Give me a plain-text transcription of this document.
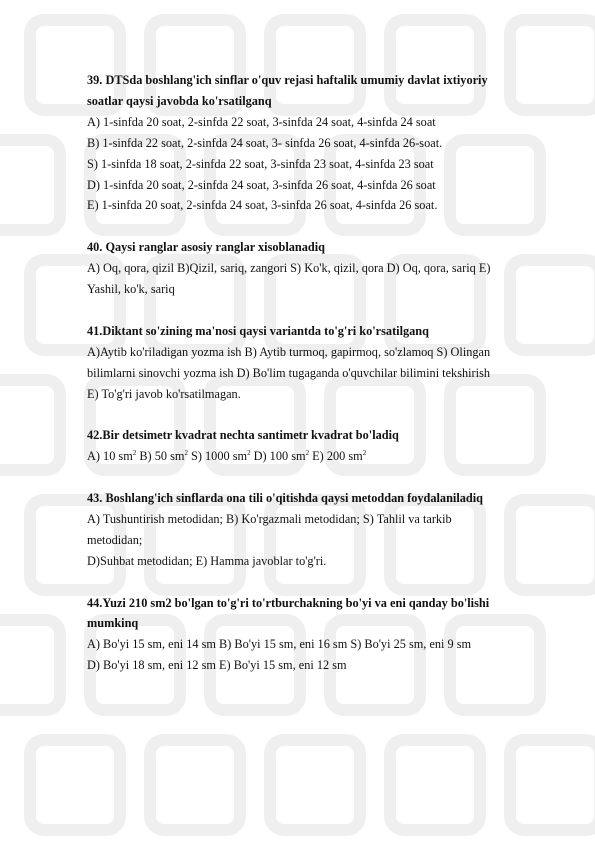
39. DTSda boshlang'ich sinflar o'quv rejasi haftalik umumiy davlat ixtiyoriy

soatlar qaysi javobda ko'rsatilganq

A) 1-sinfda 20 soat, 2-sinfda 22 soat, 3-sinfda 24 soat, 4-sinfda 24 soat

B) 1-sinfda 22 soat, 2-sinfda 24 soat, 3- sinfda 26 soat, 4-sinfda 26-soat.

S) 1-sinfda 18 soat, 2-sinfda 22 soat, 3-sinfda 23 soat, 4-sinfda 23 soat

D) 1-sinfda 20 soat, 2-sinfda 24 soat, 3-sinfda 26 soat, 4-sinfda 26 soat

E) 1-sinfda 20 soat, 2-sinfda 24 soat, 3-sinfda 26 soat, 4-sinfda 26 soat.

40. Qaysi ranglar asosiy ranglar xisoblanadiq

A) Oq, qora, qizil B)Qizil, sariq, zangori S) Ko'k, qizil, qora D) Oq, qora, sariq E)

Yashil, ko'k, sariq

41.Diktant so'zining ma'nosi qaysi variantda to'g'ri ko'rsatilganq

A)Aytib ko'riladigan yozma ish B) Aytib turmoq, gapirmoq, so'zlamoq S) Olingan

bilimlarni sinovchi yozma ish D) Bo'lim tugaganda o'quvchilar bilimini tekshirish

E) To'g'ri javob ko'rsatilmagan.

42.Bir detsimetr kvadrat nechta santimetr kvadrat bo'ladiq

A) 10 $sm^2$ B) 50 $sm^2$ S) 1000 $sm^2$ D) 100 $sm^2$ E) 200 $sm^2$

43. Boshlang'ich sinflarda ona tili o'qitishda qaysi metoddan foydalaniladiq

A) Tushuntirish metodidan; B) Ko'rgazmali metodidan; S) Tahlil va tarkib

metodidan;

D)Suhbat metodidan; E) Hamma javoblar to'g'ri.

44.Yuzi 210 sm2 bo'lgan to'g'ri to'rtburchakning bo'yi va eni qanday bo'lishi

mumkinq

A) Bo'yi 15 sm, eni 14 sm B) Bo'yi 15 sm, eni 16 sm S) Bo'yi 25 sm, eni 9 sm

D) Bo'yi 18 sm, eni 12 sm E) Bo'yi 15 sm, eni 12 sm
